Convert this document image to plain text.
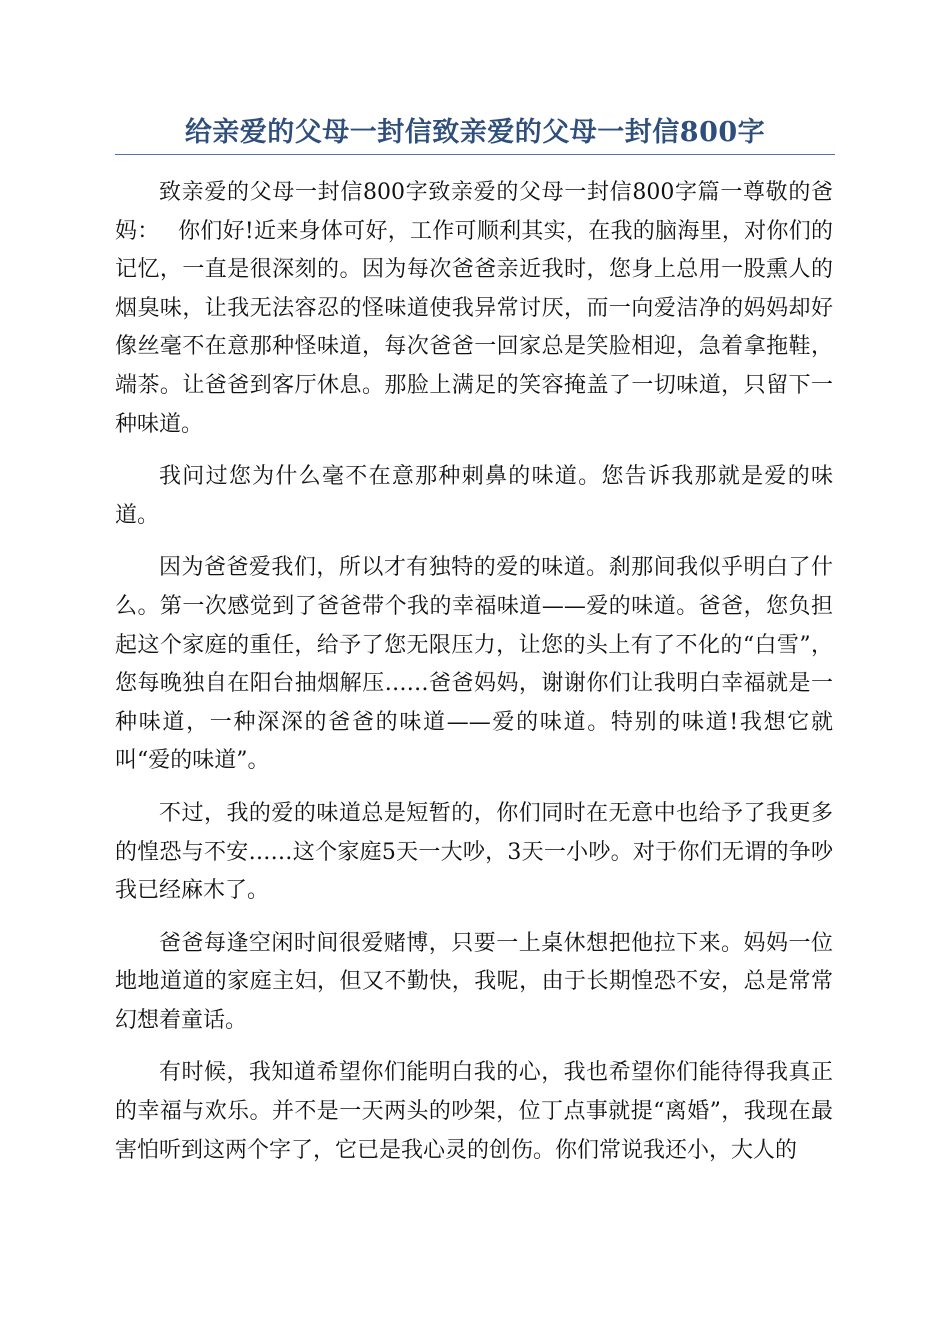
给亲爱的父母一封信致亲爱的父母一封信800字

致亲爱的父母一封信800字致亲爱的父母一封信800字篇一尊敬的爸妈：　 你们好!近来身体可好，工作可顺利其实，在我的脑海里，对你们的记忆，一直是很深刻的。因为每次爸爸亲近我时，您身上总用一股熏人的烟臭味，让我无法容忍的怪味道使我异常讨厌，而一向爱洁净的妈妈却好像丝毫不在意那种怪味道，每次爸爸一回家总是笑脸相迎，急着拿拖鞋，端茶。让爸爸到客厅休息。那脸上满足的笑容掩盖了一切味道，只留下一种味道。

我问过您为什么毫不在意那种刺鼻的味道。您告诉我那就是爱的味道。

因为爸爸爱我们，所以才有独特的爱的味道。刹那间我似乎明白了什么。第一次感觉到了爸爸带个我的幸福味道——爱的味道。爸爸，您负担起这个家庭的重任，给予了您无限压力，让您的头上有了不化的“白雪”，您每晚独自在阳台抽烟解压……爸爸妈妈，谢谢你们让我明白幸福就是一种味道，一种深深的爸爸的味道——爱的味道。特别的味道!我想它就叫“爱的味道”。

不过，我的爱的味道总是短暂的，你们同时在无意中也给予了我更多的惶恐与不安……这个家庭5天一大吵，3天一小吵。对于你们无谓的争吵我已经麻木了。

爸爸每逢空闲时间很爱赌博，只要一上桌休想把他拉下来。妈妈一位地地道道的家庭主妇，但又不勤快，我呢，由于长期惶恐不安，总是常常幻想着童话。

有时候，我知道希望你们能明白我的心，我也希望你们能待得我真正的幸福与欢乐。并不是一天两头的吵架，位丁点事就提“离婚”，我现在最害怕听到这两个字了，它已是我心灵的创伤。你们常说我还小，大人的
